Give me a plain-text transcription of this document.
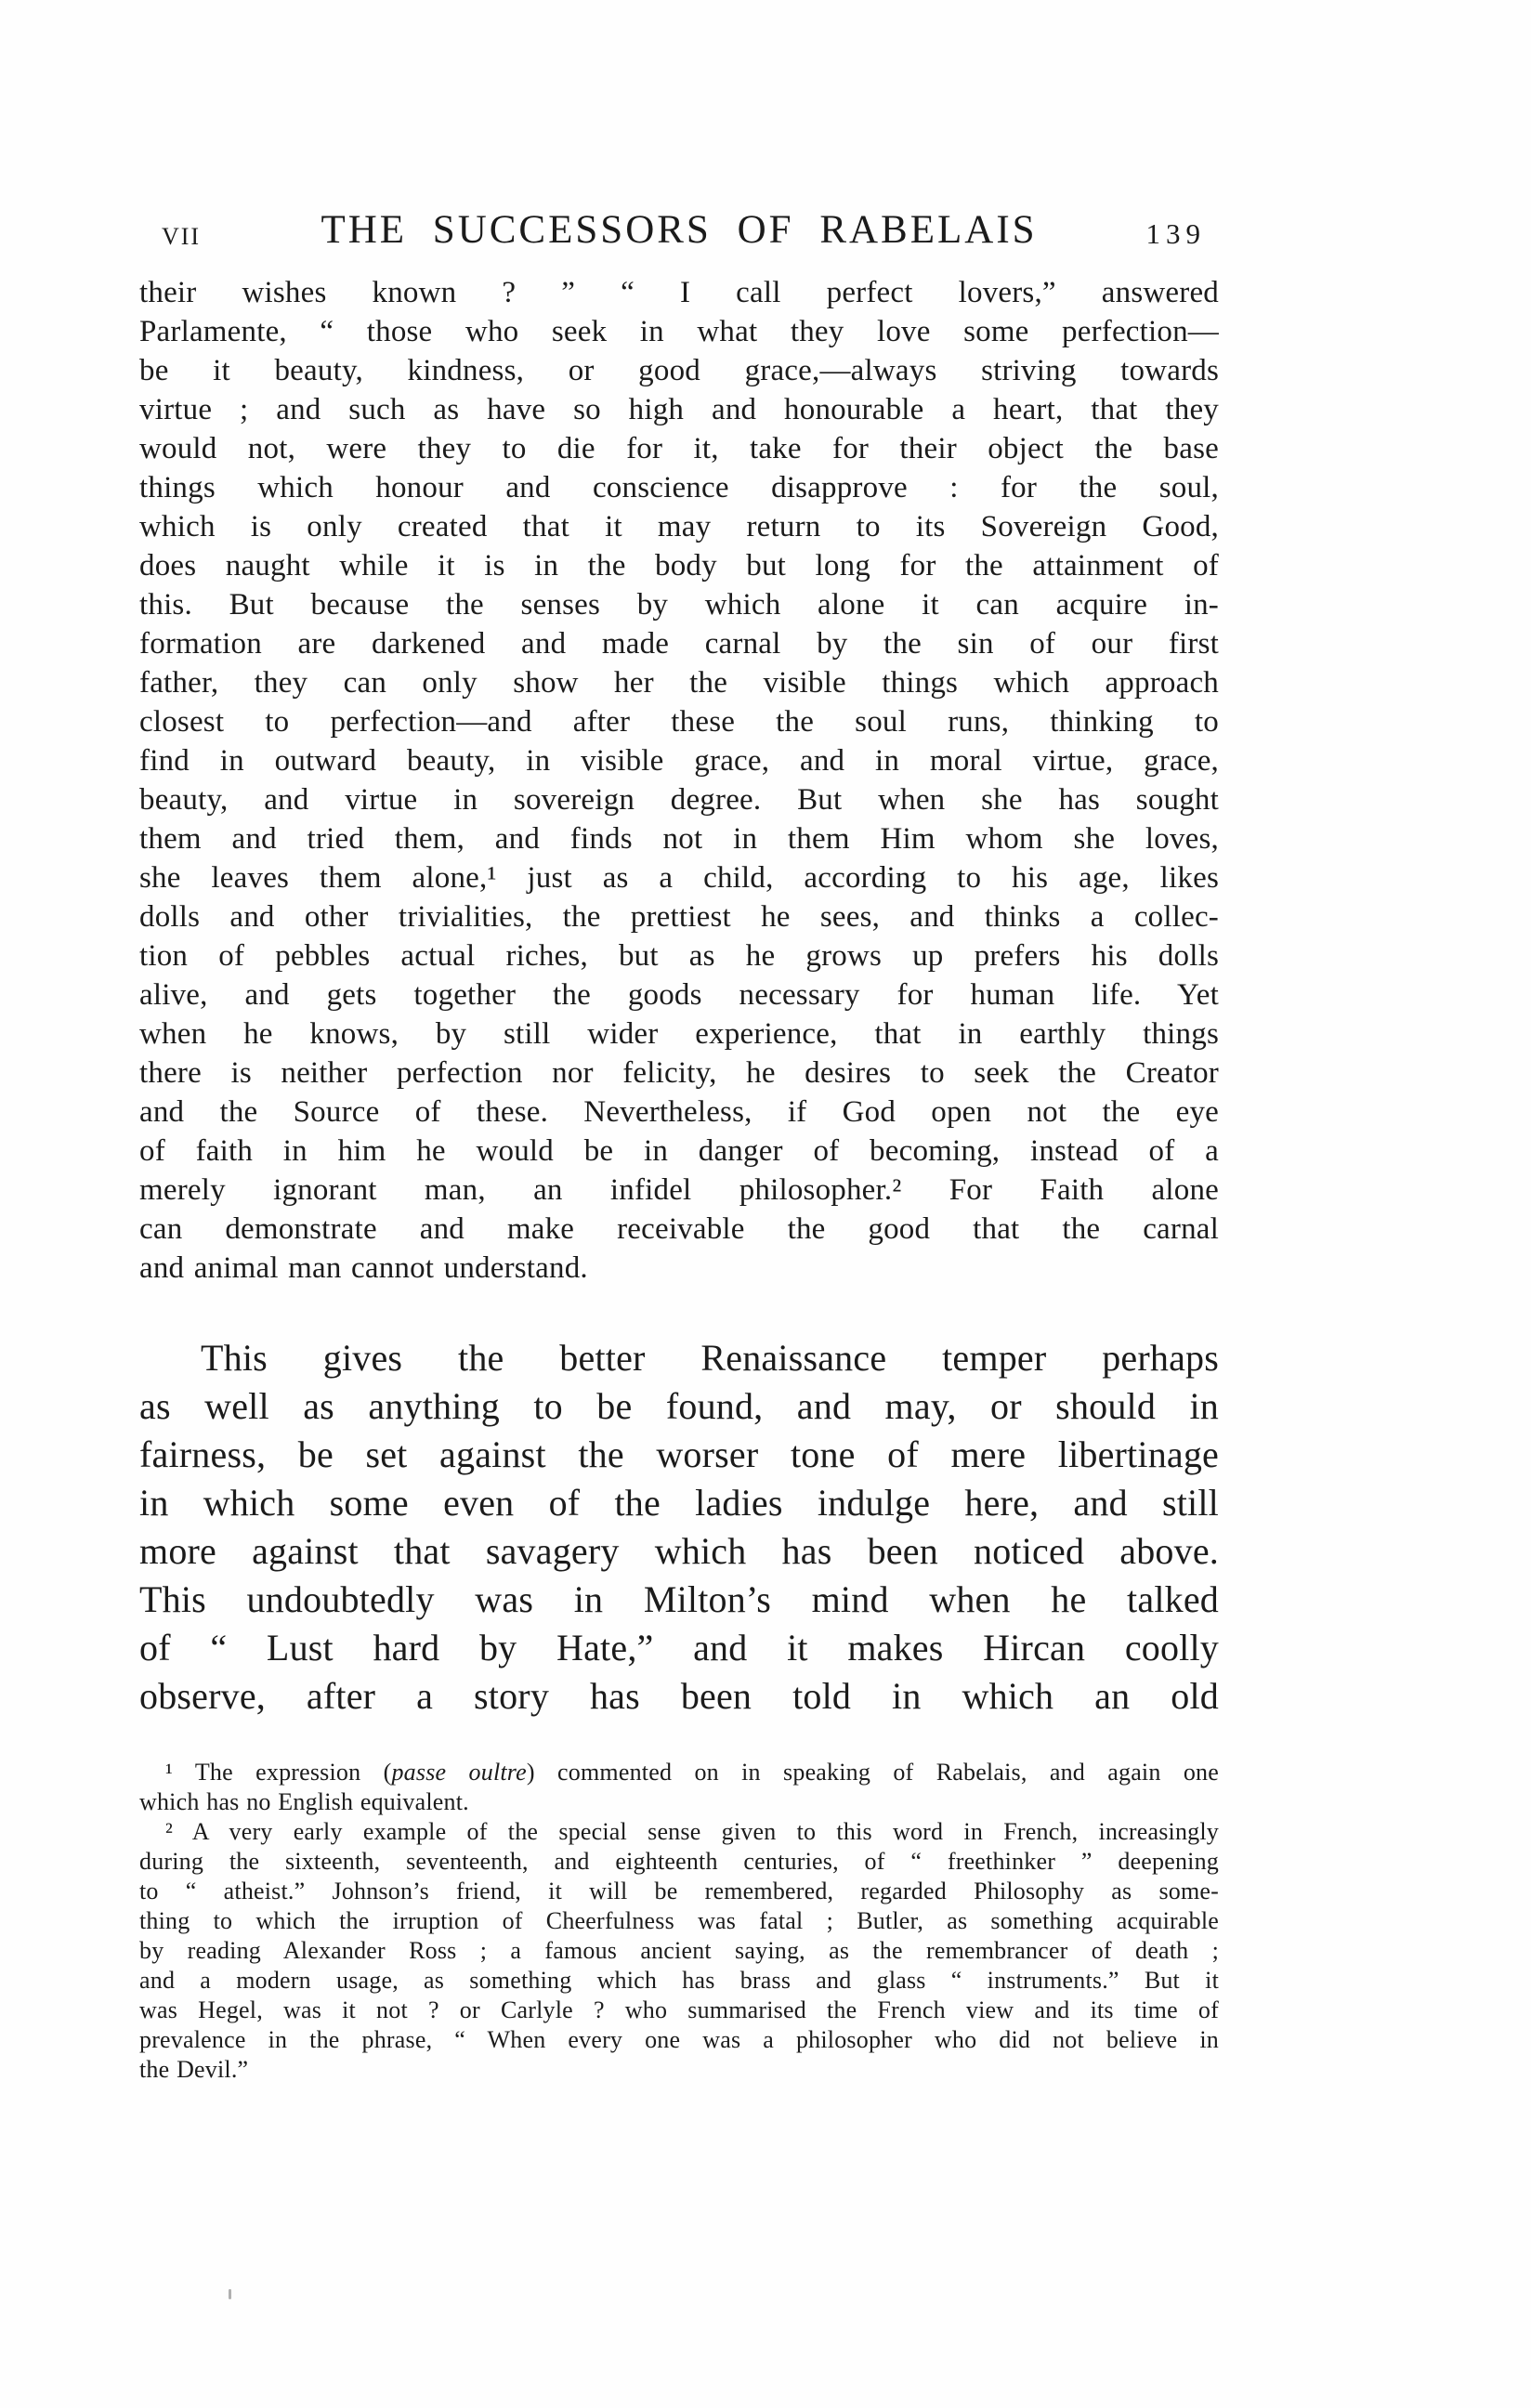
VII	THE SUCCESSORS OF RABELAIS	139
their wishes known ? ” “ I call perfect lovers,” answered
Parlamente, “ those who seek in what they love some perfection—
be it beauty, kindness, or good grace,—always striving towards
virtue ; and such as have so high and honourable a heart, that they
would not, were they to die for it, take for their object the base
things which honour and conscience disapprove : for the soul,
which is only created that it may return to its Sovereign Good,
does naught while it is in the body but long for the attainment of
this. But because the senses by which alone it can acquire in-
formation are darkened and made carnal by the sin of our first
father, they can only show her the visible things which approach
closest to perfection—and after these the soul runs, thinking to
find in outward beauty, in visible grace, and in moral virtue, grace,
beauty, and virtue in sovereign degree. But when she has sought
them and tried them, and finds not in them Him whom she loves,
she leaves them alone,¹ just as a child, according to his age, likes
dolls and other trivialities, the prettiest he sees, and thinks a collec-
tion of pebbles actual riches, but as he grows up prefers his dolls
alive, and gets together the goods necessary for human life. Yet
when he knows, by still wider experience, that in earthly things
there is neither perfection nor felicity, he desires to seek the Creator
and the Source of these. Nevertheless, if God open not the eye
of faith in him he would be in danger of becoming, instead of a
merely ignorant man, an infidel philosopher.² For Faith alone
can demonstrate and make receivable the good that the carnal
and animal man cannot understand.
This gives the better Renaissance temper perhaps
as well as anything to be found, and may, or should in
fairness, be set against the worser tone of mere libertinage
in which some even of the ladies indulge here, and still
more against that savagery which has been noticed above.
This undoubtedly was in Milton’s mind when he talked
of “ Lust hard by Hate,” and it makes Hircan coolly
observe, after a story has been told in which an old
¹ The expression (passe oultre) commented on in speaking of Rabelais, and again one
which has no English equivalent.
² A very early example of the special sense given to this word in French, increasingly
during the sixteenth, seventeenth, and eighteenth centuries, of “ freethinker ” deepening
to “ atheist.” Johnson’s friend, it will be remembered, regarded Philosophy as some-
thing to which the irruption of Cheerfulness was fatal ; Butler, as something acquirable
by reading Alexander Ross ; a famous ancient saying, as the remembrancer of death ;
and a modern usage, as something which has brass and glass “ instruments.” But it
was Hegel, was it not ? or Carlyle ? who summarised the French view and its time of
prevalence in the phrase, “ When every one was a philosopher who did not believe in
the Devil.”
